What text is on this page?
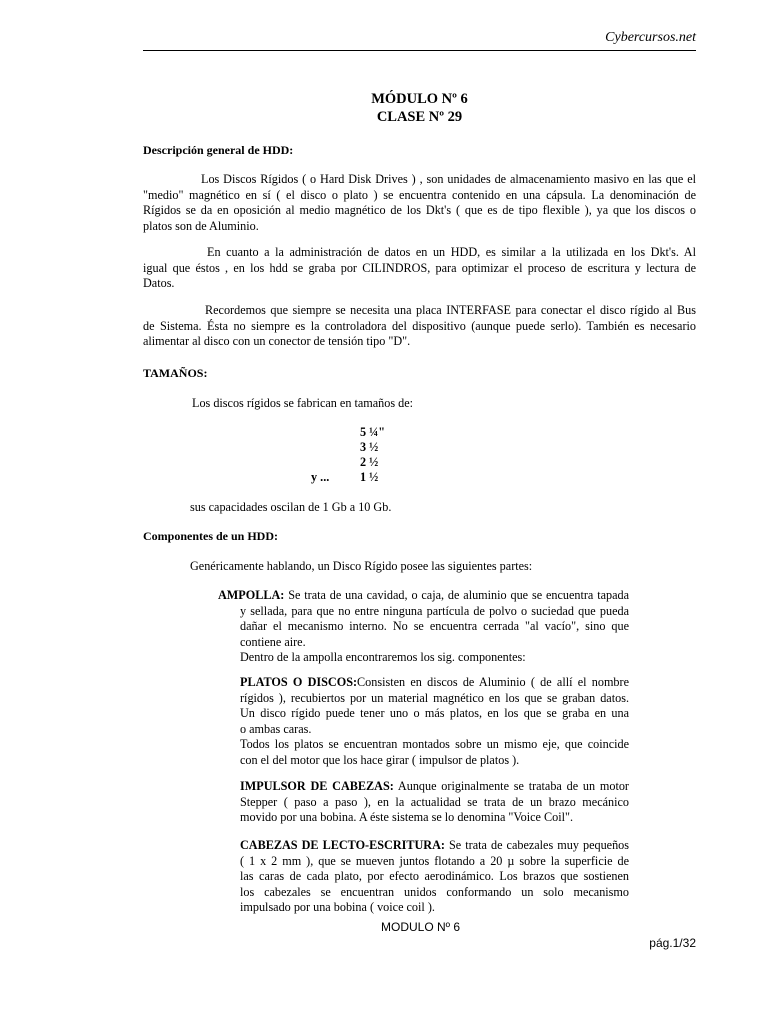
Cybercursos.net
MÓDULO Nº 6
CLASE Nº 29
Descripción general de HDD:
Los Discos Rígidos ( o Hard Disk Drives ) , son unidades de almacenamiento masivo en las que el
"medio" magnético en sí ( el disco o plato ) se encuentra contenido en una cápsula. La denominación de
Rígidos se da en oposición al medio magnético de los Dkt's ( que es de tipo flexible ), ya que los discos o
platos son de Aluminio.
En cuanto a la administración de datos en un HDD, es similar a la utilizada en los Dkt's. Al
igual que éstos , en los hdd se graba por CILINDROS, para optimizar el proceso de escritura y lectura de
Datos.
Recordemos que siempre se necesita una placa INTERFASE para conectar el disco rígido al Bus
de Sistema. Ésta no siempre es la controladora del dispositivo (aunque puede serlo). También es necesario
alimentar al disco con un conector de tensión tipo "D".
TAMAÑOS:
Los discos rígidos se fabrican en tamaños de:
5 ¼"
3 ½
2 ½
y ...	1 ½
sus capacidades oscilan de 1 Gb a 10 Gb.
Componentes de un HDD:
Genéricamente hablando, un Disco Rígido posee las siguientes partes:
AMPOLLA: Se trata de una cavidad, o caja, de aluminio que se encuentra tapada
y sellada, para que no entre ninguna partícula de polvo o suciedad que pueda
dañar el mecanismo interno. No se encuentra cerrada "al vacío", sino que
contiene aire.
Dentro de la ampolla encontraremos los sig. componentes:
PLATOS O DISCOS:Consisten en discos de Aluminio ( de allí el nombre
rígidos ), recubiertos por un material magnético en los que se graban datos.
Un disco rígido puede tener uno o más platos, en los que se graba en una
o ambas caras.
Todos los platos se encuentran montados sobre un mismo eje, que coincide
con el del motor que los hace girar ( impulsor de platos ).
IMPULSOR DE CABEZAS: Aunque originalmente se trataba de un motor
Stepper ( paso a paso ), en la actualidad se trata de un brazo mecánico
movido por una bobina. A éste sistema se lo denomina "Voice Coil".
CABEZAS DE LECTO-ESCRITURA: Se trata de cabezales muy pequeños
( 1 x 2 mm ), que se mueven juntos flotando a 20 µ sobre la superficie de
las caras de cada plato, por efecto aerodinámico. Los brazos que sostienen
los cabezales se encuentran unidos conformando un solo mecanismo
impulsado por una bobina ( voice coil ).
MODULO Nº 6
pág.1/32
